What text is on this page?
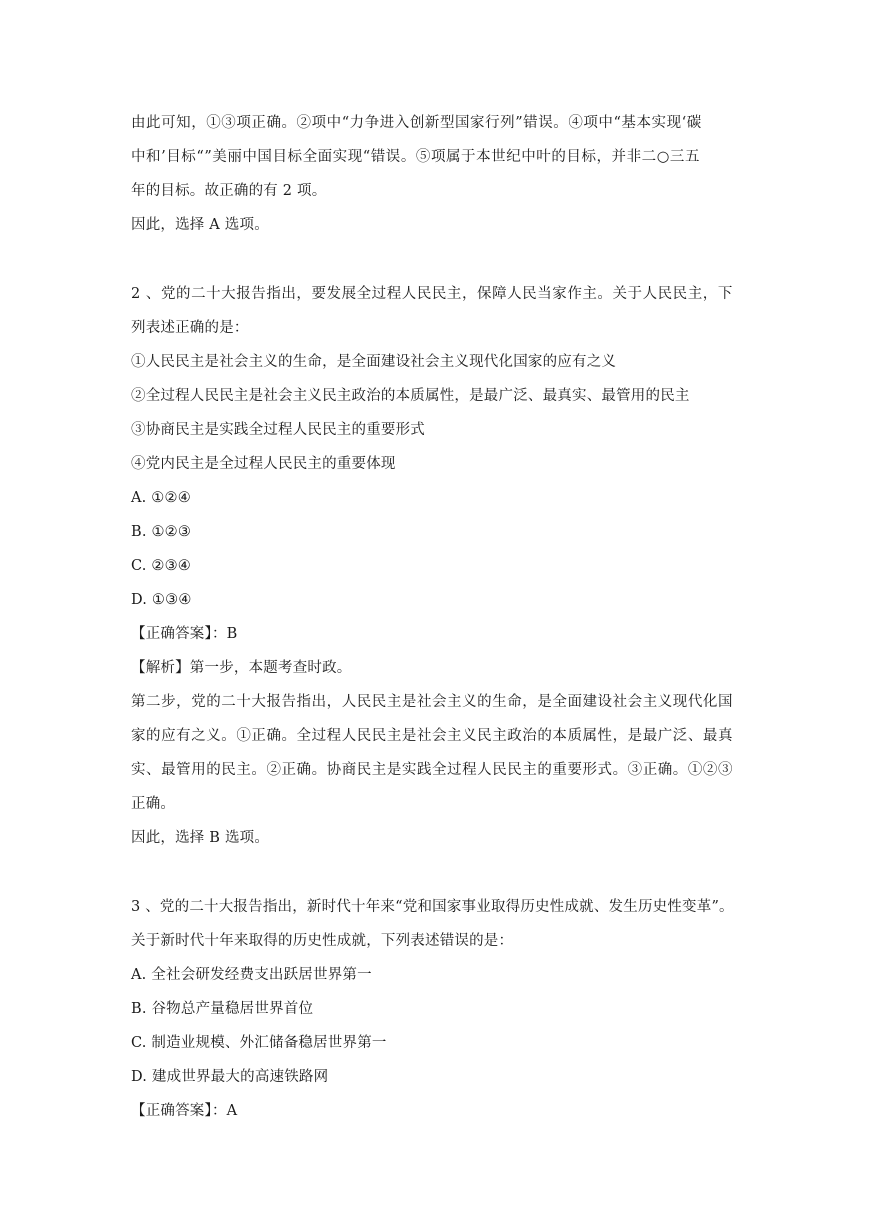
由此可知，①③项正确。②项中“力争进入创新型国家行列”错误。④项中“基本实现‘碳
中和’目标“”美丽中国目标全面实现“错误。⑤项属于本世纪中叶的目标，并非二○三五
年的目标。故正确的有 2 项。
因此，选择 A 选项。
2 、党的二十大报告指出，要发展全过程人民民主，保障人民当家作主。关于人民民主，下
列表述正确的是：
①人民民主是社会主义的生命，是全面建设社会主义现代化国家的应有之义
②全过程人民民主是社会主义民主政治的本质属性，是最广泛、最真实、最管用的民主
③协商民主是实践全过程人民民主的重要形式
④党内民主是全过程人民民主的重要体现
A. ①②④
B. ①②③
C. ②③④
D. ①③④
【正确答案】：B
【解析】第一步，本题考查时政。
第二步，党的二十大报告指出，人民民主是社会主义的生命，是全面建设社会主义现代化国
家的应有之义。①正确。全过程人民民主是社会主义民主政治的本质属性，是最广泛、最真
实、最管用的民主。②正确。协商民主是实践全过程人民民主的重要形式。③正确。①②③
正确。
因此，选择 B 选项。
3 、党的二十大报告指出，新时代十年来“党和国家事业取得历史性成就、发生历史性变革”。
关于新时代十年来取得的历史性成就，下列表述错误的是：
A. 全社会研发经费支出跃居世界第一
B. 谷物总产量稳居世界首位
C. 制造业规模、外汇储备稳居世界第一
D. 建成世界最大的高速铁路网
【正确答案】：A
